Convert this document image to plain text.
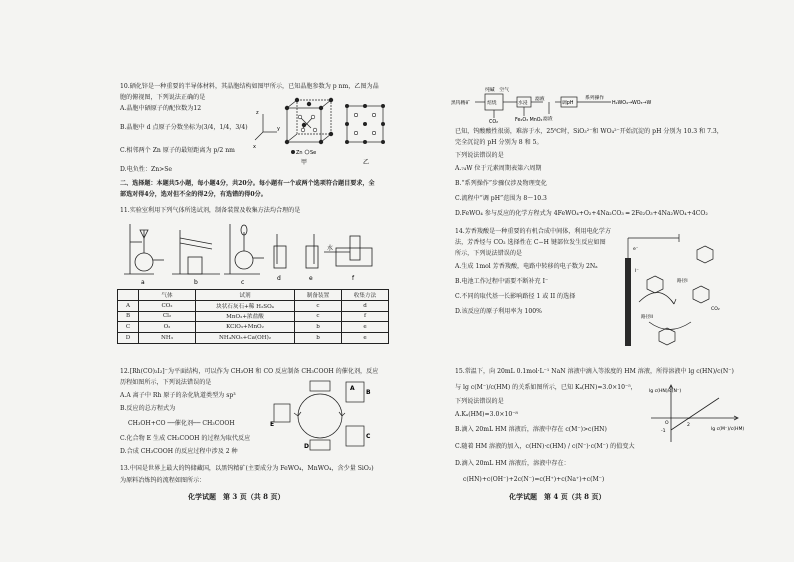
10.硒化锌是一种重要的半导体材料，其晶胞结构如图甲所示，已知晶胞参数为 p nm，乙图为晶
胞的俯视图，下列说法正确的是
A.晶胞中硒原子的配位数为12
B.晶胞中 d 点原子分数坐标为(3/4，1/4，3/4)
C.相邻两个 Zn 原子的最短距离为 p/2 nm
D.电负性：Zn>Se
z
y
x
Zn Se
甲	乙
二、选择题：本题共5小题，每小题4分，共20分。每小题有一个或两个选项符合题目要求，全
部选对得4分，选对但不全的得2分，有选错的得0分。
11.实验室利用下列气体所选试剂，制备装置及收集方法均合理的是
水
a	b	c
d	e	f
	气体	试剂	制备装置	收集方法
A	CO₂	块状石灰石+稀 H₂SO₄	c	d
B	Cl₂	MnO₂+浓盐酸	c	f
C	O₂	KClO₃+MnO₂	b	e
D	NH₃	NH₄NO₃+Ca(OH)₂	b	e
12.[Rh(CO)₂I₂]⁻为平面结构，可以作为 CH₃OH 和 CO 反应制备 CH₃COOH 的催化剂，反应
历程如图所示，下列说法错误的是
A.A 离子中 Rh 原子的杂化轨道类型为 sp³
B.反应的总方程式为
CH₃OH+CO ──催化剂── CH₃COOH
C.化合物 E 生成 CH₃COOH 的过程为取代反应
D.合成 CH₃COOH 的反应过程中涉及 2 种
A
B
C
D
E
13.中国是世界上最大的钨储藏国，以黑钨精矿(主要成分为 FeWO₄，MnWO₄，含少量 SiO₂)
为原料冶炼钨的流程如图所示：
化学试题　第 3 页（共 8 页）
黑钨精矿	焙烧	水浸	调pH
滤液	系列操作
H₂WO₄→WO₃→W
纯碱　空气
CO₂	Fe₂O₃ MnO₂ 滤渣
已知，钨酸酸性很弱，难溶于水，25℃时，SiO₃²⁻和 WO₄²⁻开始沉淀的 pH 分别为 10.3 和 7.3，
完全沉淀的 pH 分别为 8 和 5。
下列说法错误的是
A.₇₄W 位于元素周期表第六周期
B.“系列操作”步骤仅涉及物理变化
C.流程中“调 pH”范围为 8～10.3
D.FeWO₄ 参与反应的化学方程式为 4FeWO₄+O₂+4Na₂CO₃ ═ 2Fe₂O₃+4Na₂WO₄+4CO₂
14.芳香羧酸是一种重要的有机合成中间体，利用电化学方
法，芳香烃与 CO₂ 选择性在 C−H 键部位发生反应如图
所示，下列说法错误的是
A.生成 1mol 芳香羧酸，电路中转移的电子数为 2Nₐ
B.电池工作过程中需要不断补充 I⁻
C.不同的取代基一长影响路径 1 或 II 的选择
D.该反应的原子利用率为 100%
路径I
路径II
CO₂
I⁻
e⁻
15.常温下，向 20mL 0.1mol·L⁻¹ NaN 溶液中滴入等浓度的 HM 溶液，所得溶液中 lg c(HN)/c(N⁻)
与 lg c(M⁻)/c(HM) 的关系如图所示，已知 Kₐ(HN)=3.0×10⁻⁵，
下列说法错误的是
A.Kₐ(HM)=3.0×10⁻⁸
B.滴入 20mL HM 溶液后，溶液中存在 c(M⁻)>c(HN)
C.随着 HM 溶液的加入，c(HN)·c(HM) / c(N⁻)·c(M⁻) 的值变大
D.滴入 20mL HM 溶液后，溶液中存在：
c(HN)+c(OH⁻)+2c(N⁻)=c(H⁺)+c(Na⁺)+c(M⁻)
lg c(HN)/c(N⁻)
lg c(M⁻)/c(HM)
2
-1
O
化学试题　第 4 页（共 8 页）
